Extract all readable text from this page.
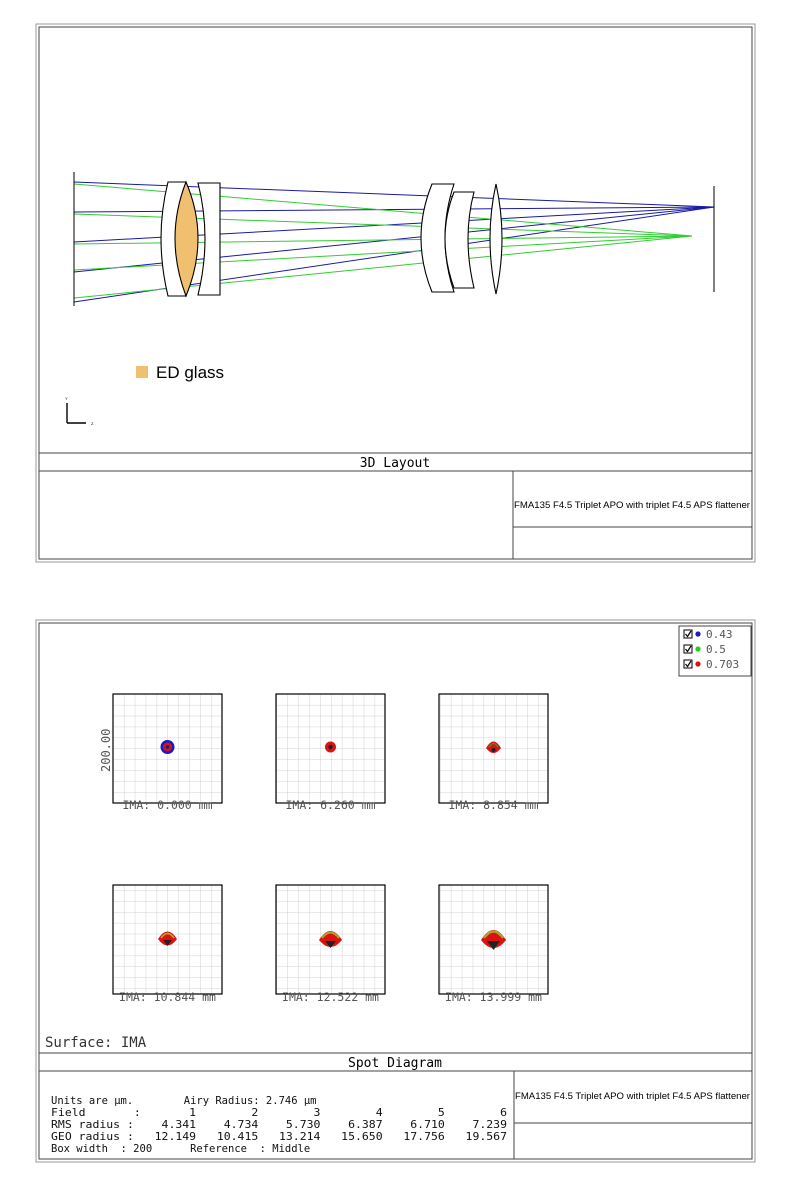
ED glass
Y
Z
3D Layout
FMA135 F4.5 Triplet APO with triplet F4.5 APS flattener
0.43
0.5
0.703
200.00
IMA: 0.000 mm	IMA: 6.260 mm	IMA: 8.854 mm
IMA: 10.844 mm	IMA: 12.522 mm	IMA: 13.999 mm
Surface: IMA
Spot Diagram
FMA135 F4.5 Triplet APO with triplet F4.5 APS flattener
Units are µm.        Airy Radius: 2.746 µm
Field       :       1        2        3        4        5        6
RMS radius :    4.341    4.734    5.730    6.387    6.710    7.239
GEO radius :   12.149   10.415   13.214   15.650   17.756   19.567
Box width  : 200      Reference  : Middle
